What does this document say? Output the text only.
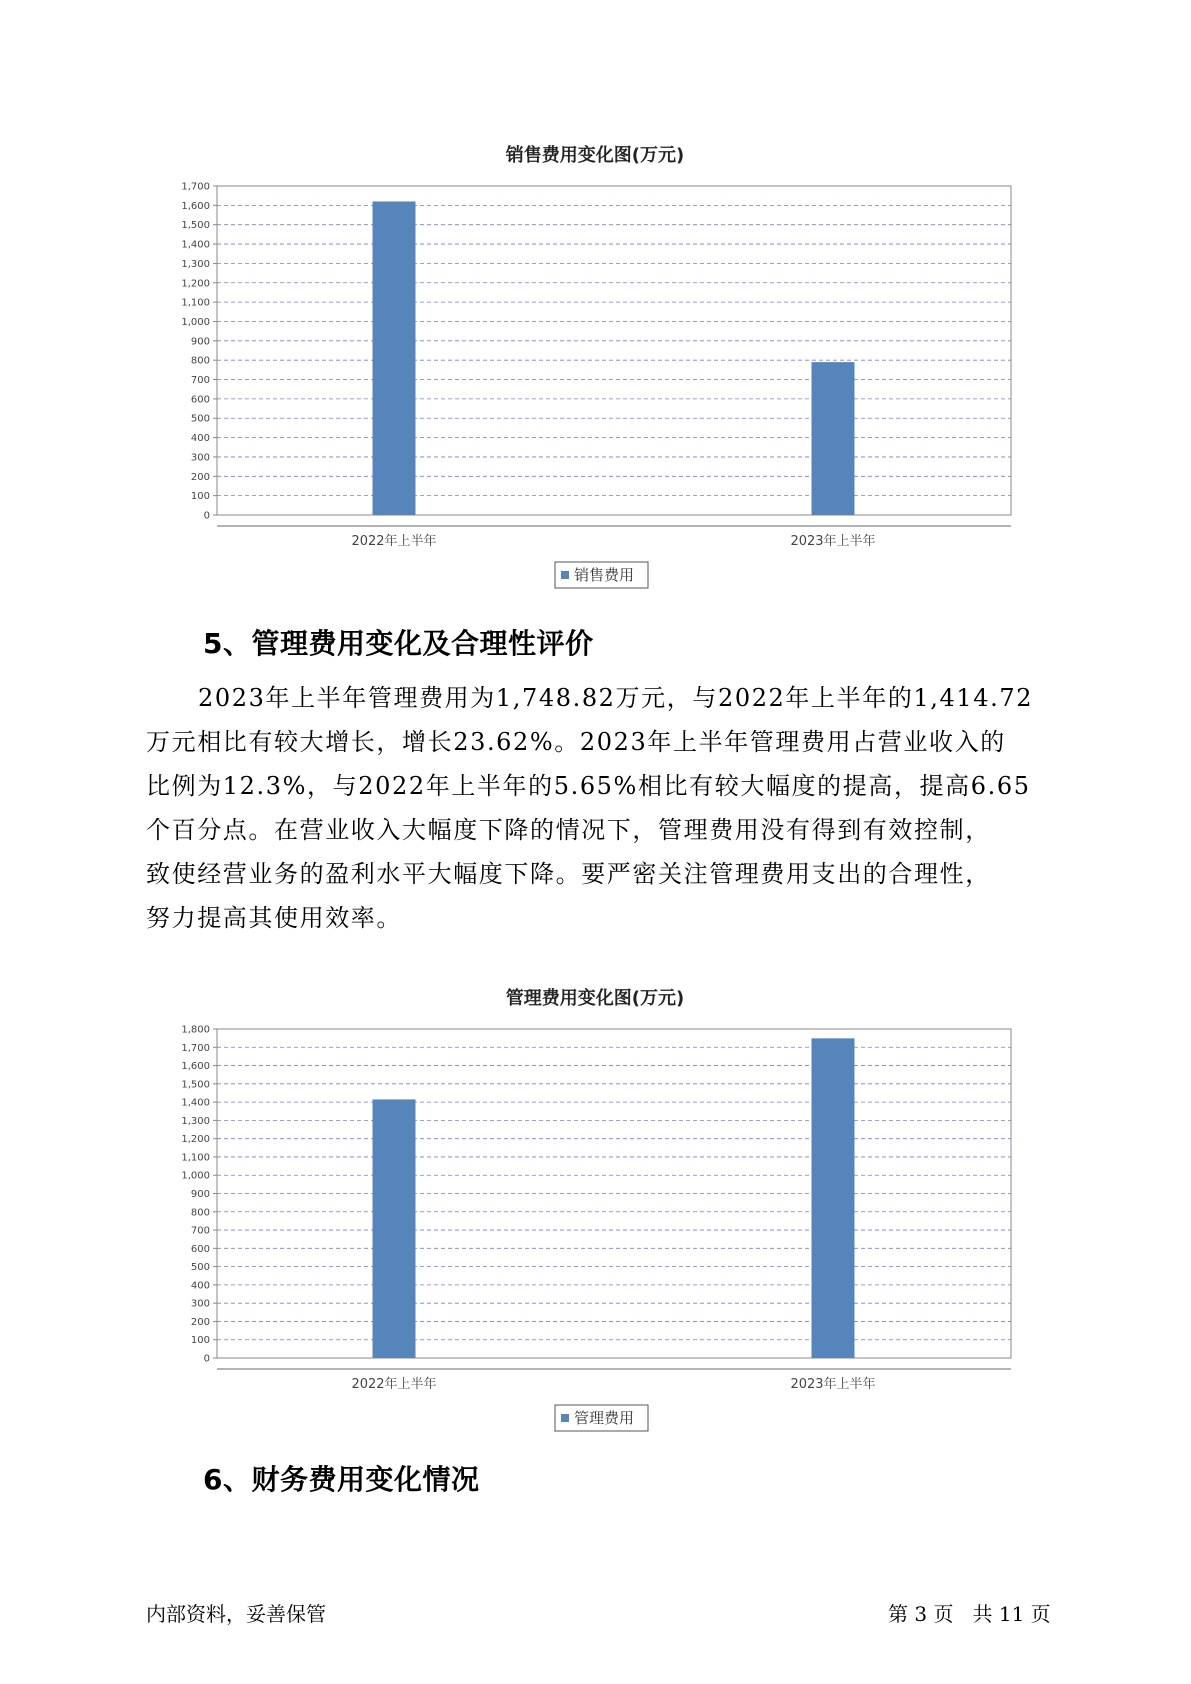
销售费用变化图(万元)
0
100
200
300
400
500
600
700
800
900
1,000
1,100
1,200
1,300
1,400
1,500
1,600
1,700
2022年上半年	2023年上半年
销售费用
5、管理费用变化及合理性评价
2023年上半年管理费用为1,748.82万元，与2022年上半年的1,414.72
万元相比有较大增长，增长23.62%。2023年上半年管理费用占营业收入的
比例为12.3%，与2022年上半年的5.65%相比有较大幅度的提高，提高6.65
个百分点。在营业收入大幅度下降的情况下，管理费用没有得到有效控制，
致使经营业务的盈利水平大幅度下降。要严密关注管理费用支出的合理性，
努力提高其使用效率。
管理费用变化图(万元)
0
100
200
300
400
500
600
700
800
900
1,000
1,100
1,200
1,300
1,400
1,500
1,600
1,700
1,800
2022年上半年	2023年上半年
管理费用
6、财务费用变化情况
内部资料，妥善保管	第 3 页   共 11 页
